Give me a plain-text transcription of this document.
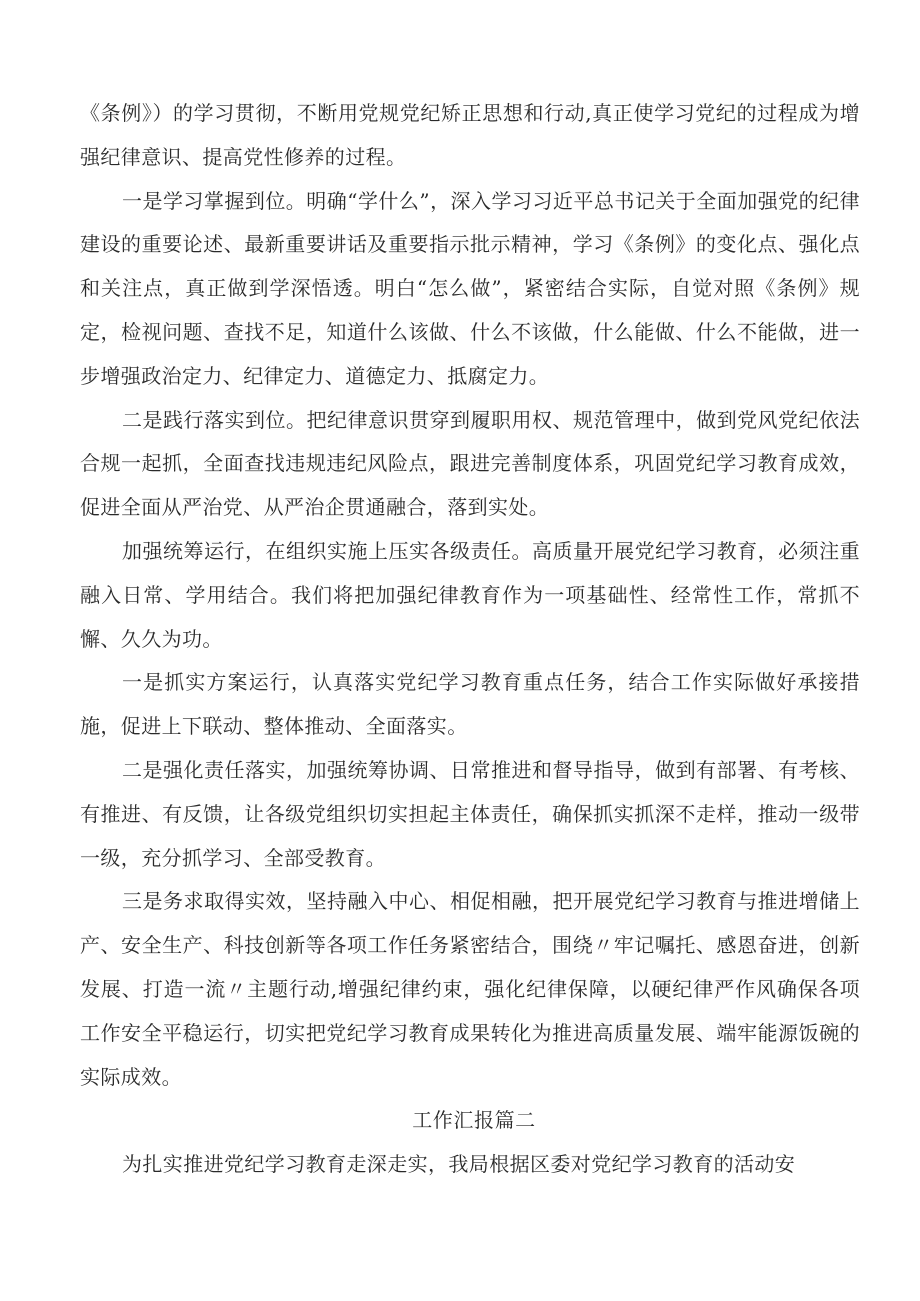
《条例》）的学习贯彻，不断用党规党纪矫正思想和行动,真正使学习党纪的过程成为增强纪律意识、提高党性修养的过程。

一是学习掌握到位。明确“学什么”，深入学习习近平总书记关于全面加强党的纪律建设的重要论述、最新重要讲话及重要指示批示精神，学习《条例》的变化点、强化点和关注点，真正做到学深悟透。明白“怎么做”，紧密结合实际，自觉对照《条例》规定，检视问题、查找不足，知道什么该做、什么不该做，什么能做、什么不能做，进一步增强政治定力、纪律定力、道德定力、抵腐定力。

二是践行落实到位。把纪律意识贯穿到履职用权、规范管理中，做到党风党纪依法合规一起抓，全面查找违规违纪风险点，跟进完善制度体系，巩固党纪学习教育成效，促进全面从严治党、从严治企贯通融合，落到实处。

加强统筹运行，在组织实施上压实各级责任。高质量开展党纪学习教育，必须注重融入日常、学用结合。我们将把加强纪律教育作为一项基础性、经常性工作，常抓不懈、久久为功。

一是抓实方案运行，认真落实党纪学习教育重点任务，结合工作实际做好承接措施，促进上下联动、整体推动、全面落实。

二是强化责任落实，加强统筹协调、日常推进和督导指导，做到有部署、有考核、有推进、有反馈，让各级党组织切实担起主体责任，确保抓实抓深不走样，推动一级带一级，充分抓学习、全部受教育。

三是务求取得实效，坚持融入中心、相促相融，把开展党纪学习教育与推进增储上产、安全生产、科技创新等各项工作任务紧密结合，围绕〃牢记嘱托、感恩奋进，创新发展、打造一流〃主题行动,增强纪律约束，强化纪律保障，以硬纪律严作风确保各项工作安全平稳运行，切实把党纪学习教育成果转化为推进高质量发展、端牢能源饭碗的实际成效。

工作汇报篇二

为扎实推进党纪学习教育走深走实，我局根据区委对党纪学习教育的活动安
